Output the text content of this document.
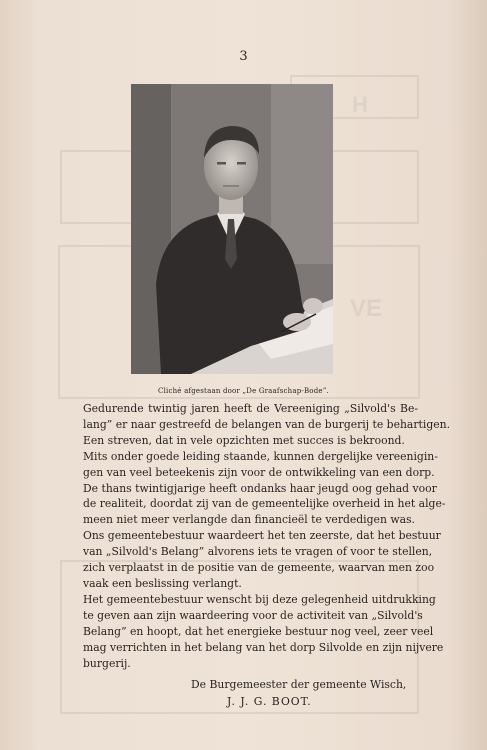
H
VE
3
Cliché afgestaan door „De Graafschap-Bode”.
Gedurende twintig jaren heeft de Vereeniging „Silvold's Be-
lang” er naar gestreefd de belangen van de burgerij te behartigen.
Een streven, dat in vele opzichten met succes is bekroond.
Mits onder goede leiding staande, kunnen dergelijke vereenigin-
gen van veel beteekenis zijn voor de ontwikkeling van een dorp.
De thans twintigjarige heeft ondanks haar jeugd oog gehad voor
de realiteit, doordat zij van de gemeentelijke overheid in het alge-
meen niet meer verlangde dan financieël te verdedigen was.
Ons gemeentebestuur waardeert het ten zeerste, dat het bestuur
van „Silvold's Belang” alvorens iets te vragen of voor te stellen,
zich verplaatst in de positie van de gemeente, waarvan men zoo
vaak een beslissing verlangt.
Het gemeentebestuur wenscht bij deze gelegenheid uitdrukking
te geven aan zijn waardeering voor de activiteit van „Silvold's
Belang” en hoopt, dat het energieke bestuur nog veel, zeer veel
mag verrichten in het belang van het dorp Silvolde en zijn nijvere
burgerij.
De Burgemeester der gemeente Wisch,
J. J. G. BOOT.
